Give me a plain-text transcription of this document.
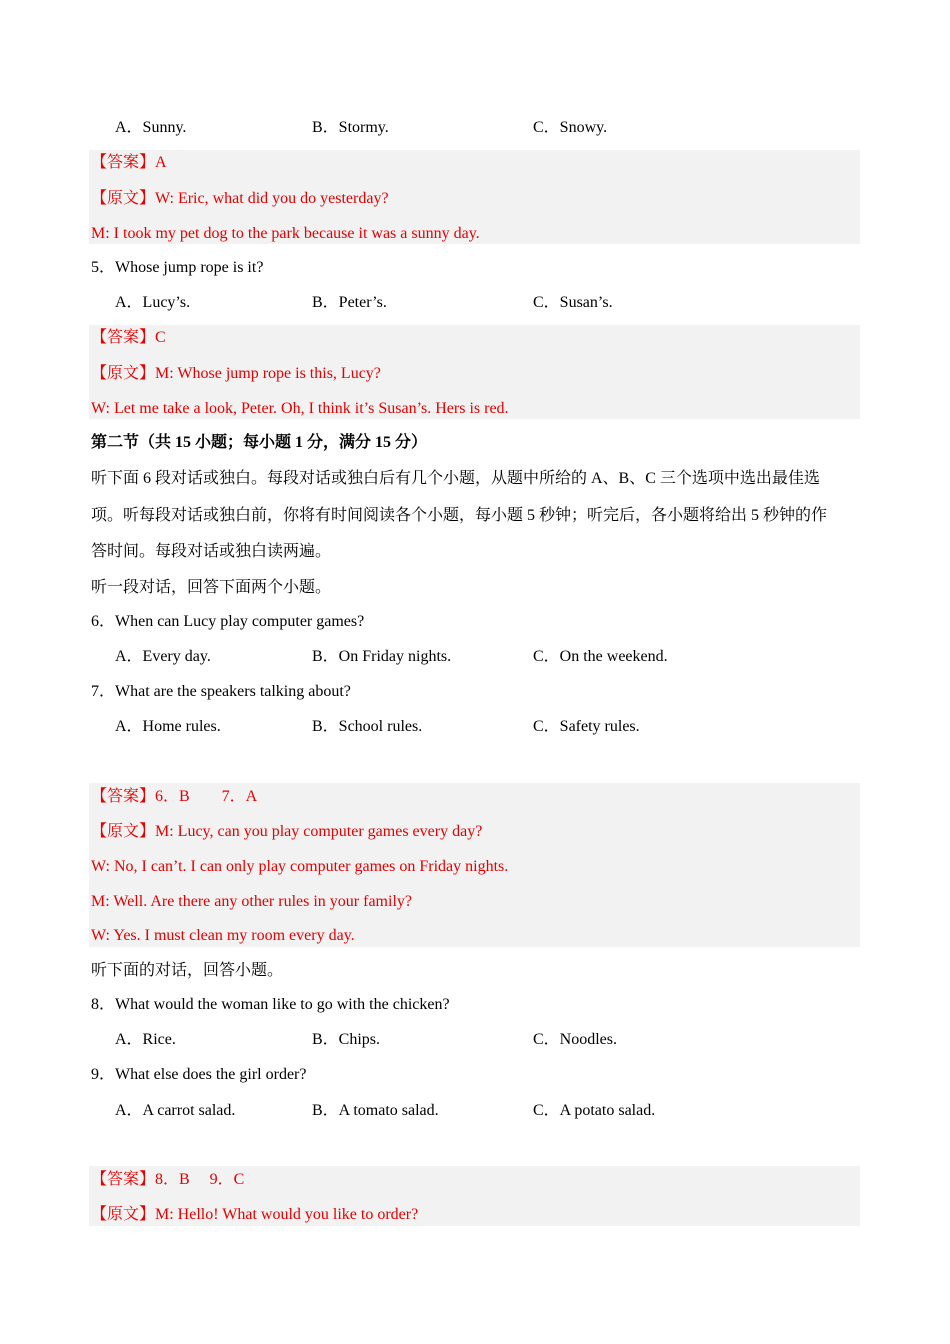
A．Sunny.	B．Stormy.	C．Snowy.
【答案】A
【原文】W: Eric, what did you do yesterday?
M: I took my pet dog to the park because it was a sunny day.
5．Whose jump rope is it?
A．Lucy’s.	B．Peter’s.	C．Susan’s.
【答案】C
【原文】M: Whose jump rope is this, Lucy?
W: Let me take a look, Peter. Oh, I think it’s Susan’s. Hers is red.
第二节（共 15 小题；每小题 1 分，满分 15 分）
听下面 6 段对话或独白。每段对话或独白后有几个小题，从题中所给的 A、B、C 三个选项中选出最佳选
项。听每段对话或独白前，你将有时间阅读各个小题，每小题 5 秒钟；听完后，各小题将给出 5 秒钟的作
答时间。每段对话或独白读两遍。
听一段对话，回答下面两个小题。
6．When can Lucy play computer games?
A．Every day.	B．On Friday nights.	C．On the weekend.
7．What are the speakers talking about?
A．Home rules.	B．School rules.	C．Safety rules.
【答案】6．B　　7．A
【原文】M: Lucy, can you play computer games every day?
W: No, I can’t. I can only play computer games on Friday nights.
M: Well. Are there any other rules in your family?
W: Yes. I must clean my room every day.
听下面的对话，回答小题。
8．What would the woman like to go with the chicken?
A．Rice.	B．Chips.	C．Noodles.
9．What else does the girl order?
A．A carrot salad.	B．A tomato salad.	C．A potato salad.
【答案】8．B　 9．C
【原文】M: Hello! What would you like to order?
